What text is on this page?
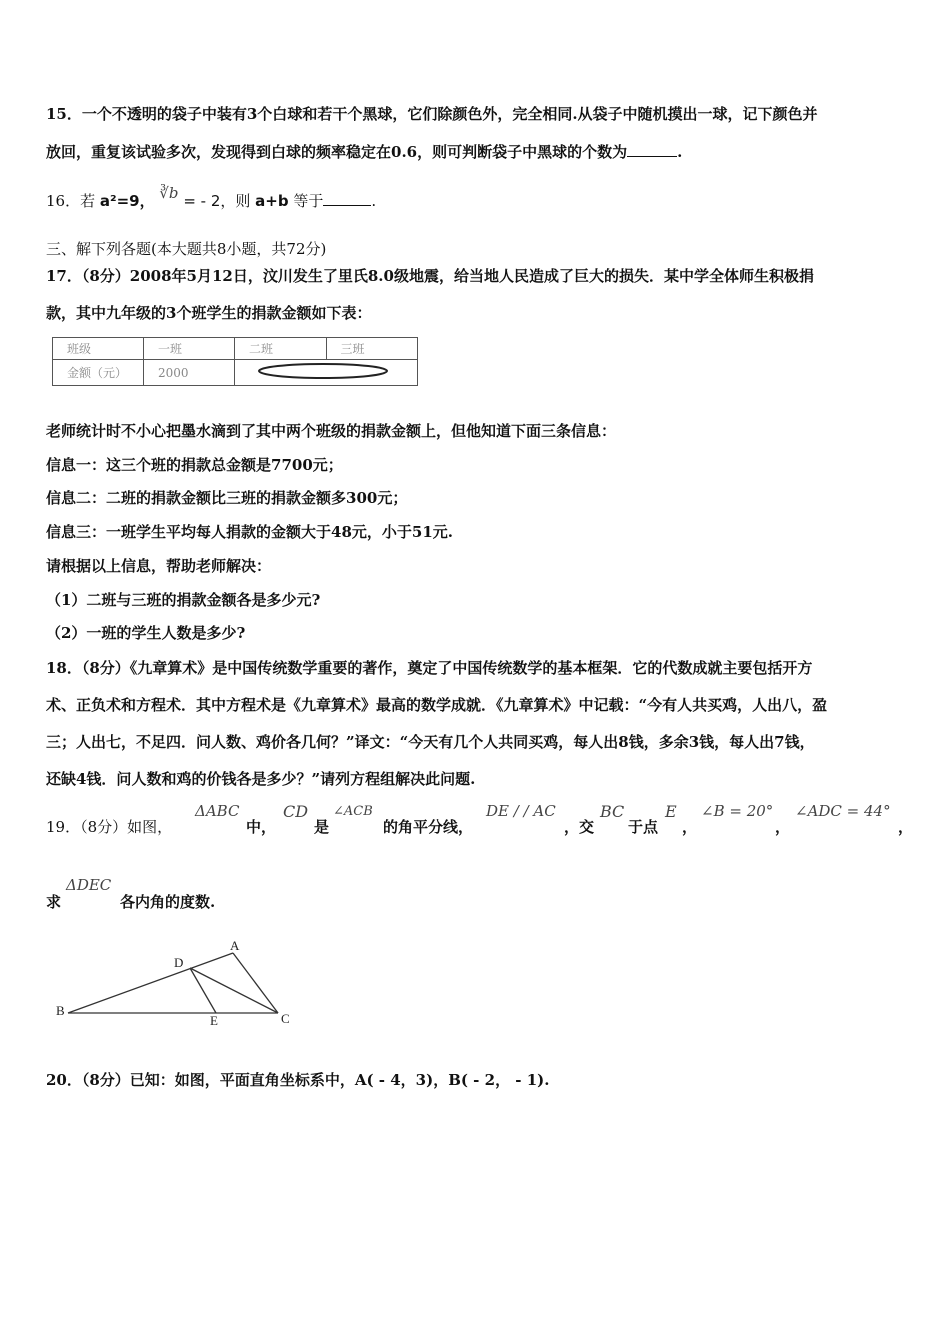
15．一个不透明的袋子中装有3个白球和若干个黑球，它们除颜色外，完全相同.从袋子中随机摸出一球，记下颜色并
放回，重复该试验多次，发现得到白球的频率稳定在0.6，则可判断袋子中黑球的个数为	.
16．若 a²=9， ∛b = - 2，则 a+b 等于	.
三、解下列各题(本大题共8小题，共72分)
17．（8分）2008年5月12日，汶川发生了里氏8.0级地震，给当地人民造成了巨大的损失．某中学全体师生积极捐
款，其中九年级的3个班学生的捐款金额如下表：
班级	一班	二班	三班
金额（元）	2000	
老师统计时不小心把墨水滴到了其中两个班级的捐款金额上，但他知道下面三条信息：
信息一：这三个班的捐款总金额是7700元；
信息二：二班的捐款金额比三班的捐款金额多300元；
信息三：一班学生平均每人捐款的金额大于48元，小于51元.
请根据以上信息，帮助老师解决：
（1）二班与三班的捐款金额各是多少元?
（2）一班的学生人数是多少?
18．（8分）《九章算术》是中国传统数学重要的著作，奠定了中国传统数学的基本框架．它的代数成就主要包括开方
术、正负术和方程术．其中方程术是《九章算术》最高的数学成就．《九章算术》中记载：“今有人共买鸡，人出八，盈
三；人出七，不足四．问人数、鸡价各几何？”译文：“今天有几个人共同买鸡，每人出8钱，多余3钱，每人出7钱，
还缺4钱．问人数和鸡的价钱各是多少？”请列方程组解决此问题.
19．（8分）如图，
ΔABC
中，
CD
是
∠ACB
的角平分线，
DE / / AC
，交
BC
于点
E
，
∠B = 20°
，
∠ADC = 44°
，
求
ΔDEC
各内角的度数.
A
D
B
E	C
20．（8分）已知：如图，平面直角坐标系中，A( - 4，3)，B( - 2， - 1).
